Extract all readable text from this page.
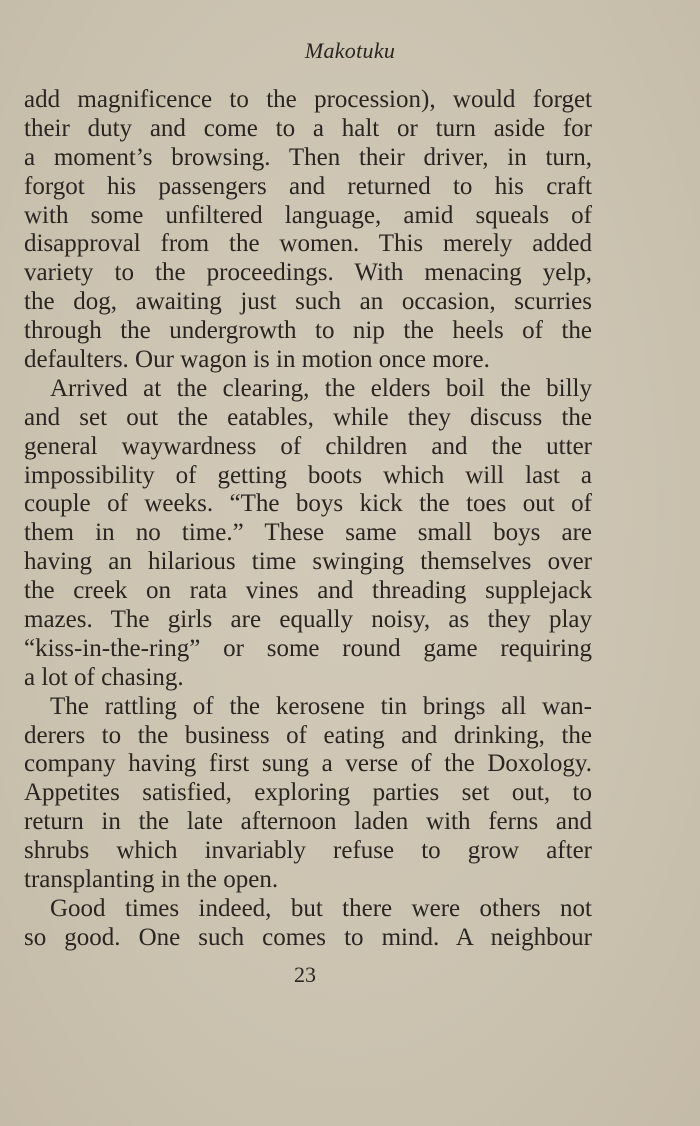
Makotuku
add magnificence to the procession), would forget
their duty and come to a halt or turn aside for
a moment’s browsing. Then their driver, in turn,
forgot his passengers and returned to his craft
with some unfiltered language, amid squeals of
disapproval from the women. This merely added
variety to the proceedings. With menacing yelp,
the dog, awaiting just such an occasion, scurries
through the undergrowth to nip the heels of the
defaulters. Our wagon is in motion once more.
Arrived at the clearing, the elders boil the billy
and set out the eatables, while they discuss the
general waywardness of children and the utter
impossibility of getting boots which will last a
couple of weeks. “The boys kick the toes out of
them in no time.” These same small boys are
having an hilarious time swinging themselves over
the creek on rata vines and threading supplejack
mazes. The girls are equally noisy, as they play
“kiss-in-the-ring” or some round game requiring
a lot of chasing.
The rattling of the kerosene tin brings all wan-
derers to the business of eating and drinking, the
company having first sung a verse of the Doxology.
Appetites satisfied, exploring parties set out, to
return in the late afternoon laden with ferns and
shrubs which invariably refuse to grow after
transplanting in the open.
Good times indeed, but there were others not
so good. One such comes to mind. A neighbour
23
